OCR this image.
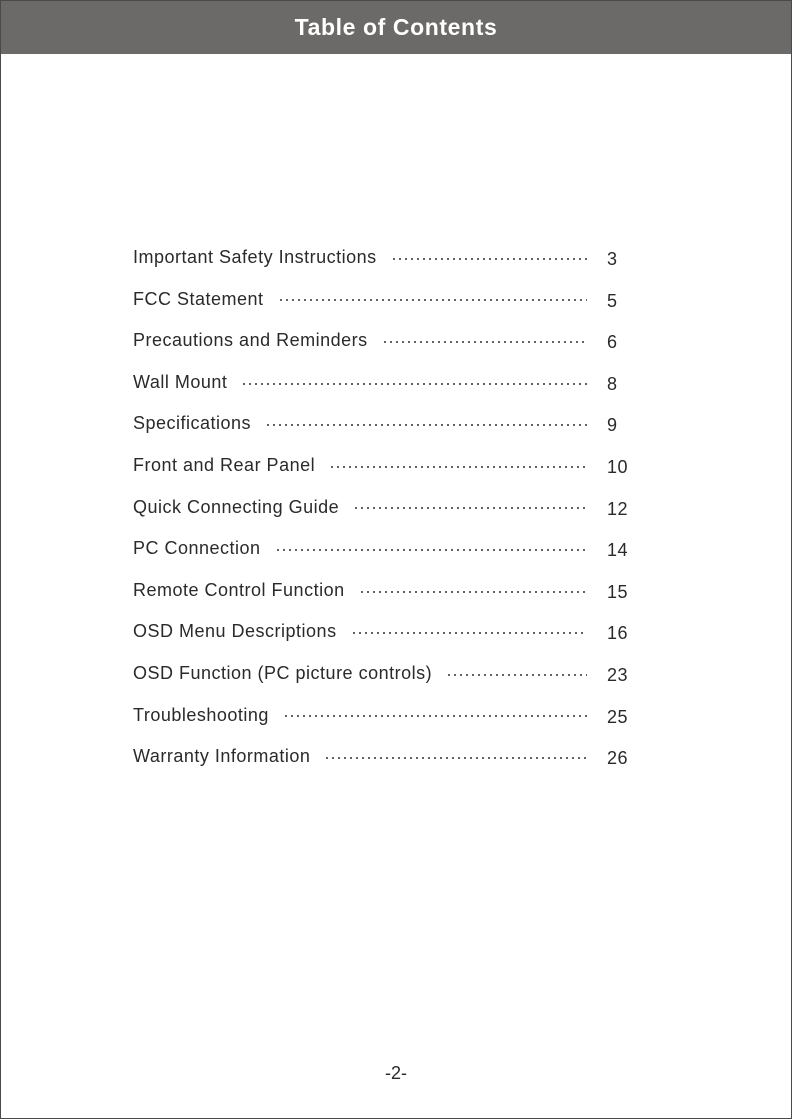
Table of Contents
Important Safety Instructions	3
FCC Statement	5
Precautions and Reminders	6
Wall Mount	8
Specifications	9
Front and Rear Panel	10
Quick Connecting Guide	12
PC Connection	14
Remote Control Function	15
OSD Menu Descriptions	16
OSD Function (PC picture controls)	23
Troubleshooting	25
Warranty Information	26
-2-
